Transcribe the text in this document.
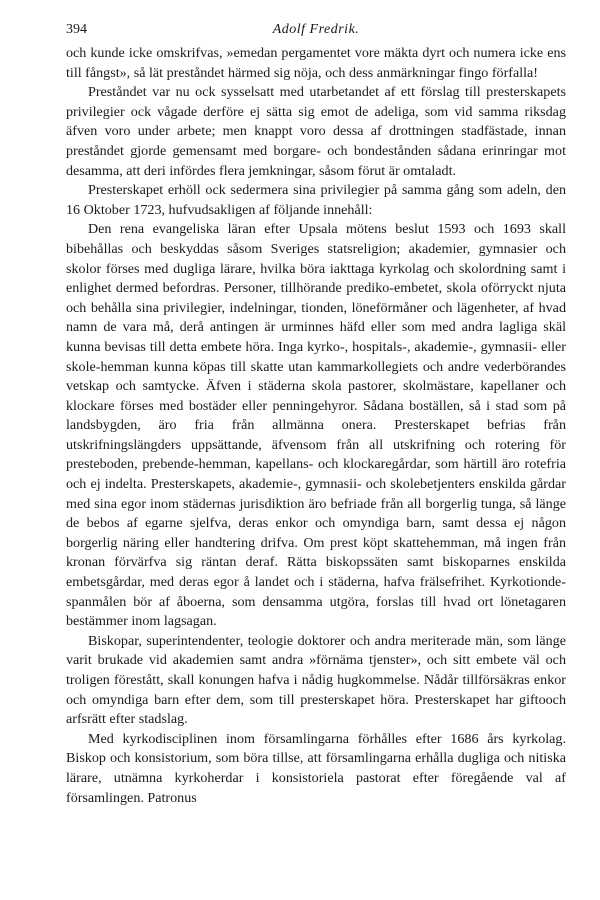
394	Adolf Fredrik.

och kunde icke omskrifvas, »emedan pergamentet vore mäkta dyrt och numera icke ens till fångst», så lät preståndet härmed sig nöja, och dess anmärkningar fingo förfalla!

Preståndet var nu ock sysselsatt med utarbetandet af ett förslag till presterskapets privilegier ock vågade derföre ej sätta sig emot de adeliga, som vid samma riksdag äfven voro under arbete; men knappt voro dessa af drottningen stadfästade, innan preståndet gjorde gemensamt med borgare- och bondestånden sådana erinringar mot desamma, att deri infördes flera jemkningar, såsom förut är omtaladt.

Presterskapet erhöll ock sedermera sina privilegier på samma gång som adeln, den 16 Oktober 1723, hufvudsakligen af följande innehåll:

Den rena evangeliska läran efter Upsala mötens beslut 1593 och 1693 skall bibehållas och beskyddas såsom Sveriges statsreligion; akademier, gymnasier och skolor förses med dugliga lärare, hvilka böra iakttaga kyrkolag och skolordning samt i enlighet dermed befordras. Personer, tillhörande prediko-embetet, skola oförryckt njuta och behålla sina privilegier, indelningar, tionden, löneförmåner och lägenheter, af hvad namn de vara må, derå antingen är urminnes häfd eller som med andra lagliga skäl kunna bevisas till detta embete höra. Inga kyrko-, hospitals-, akademie-, gymnasii- eller skole-hemman kunna köpas till skatte utan kammarkollegiets och andre vederbörandes vetskap och samtycke. Äfven i städerna skola pastorer, skolmästare, kapellaner och klockare förses med bostäder eller penningehyror. Sådana boställen, så i stad som på landsbygden, äro fria från allmänna onera. Presterskapet befrias från utskrifningslängders uppsättande, äfvensom från all utskrifning och rotering för presteboden, prebende-hemman, kapellans- och klockaregårdar, som härtill äro rotefria och ej indelta. Presterskapets, akademie-, gymnasii- och skolebetjenters enskilda gårdar med sina egor inom städernas jurisdiktion äro befriade från all borgerlig tunga, så länge de bebos af egarne sjelfva, deras enkor och omyndiga barn, samt dessa ej någon borgerlig näring eller handtering drifva. Om prest köpt skattehemman, må ingen från kronan förvärfva sig räntan deraf. Rätta biskopssäten samt biskoparnes enskilda embetsgårdar, med deras egor å landet och i städerna, hafva frälsefrihet. Kyrkotionde-spanmålen bör af åboerna, som densamma utgöra, forslas till hvad ort lönetagaren bestämmer inom lagsagan.

Biskopar, superintendenter, teologie doktorer och andra meriterade män, som länge varit brukade vid akademien samt andra »förnäma tjenster», och sitt embete väl och troligen förestått, skall konungen hafva i nådig hugkommelse. Nådår tillförsäkras enkor och omyndiga barn efter dem, som till presterskapet höra. Presterskapet har giftooch arfsrätt efter stadslag.

Med kyrkodisciplinen inom församlingarna förhålles efter 1686 års kyrkolag. Biskop och konsistorium, som böra tillse, att församlingarna erhålla dugliga och nitiska lärare, utnämna kyrkoherdar i konsistoriela pastorat efter föregående val af församlingen. Patronus
